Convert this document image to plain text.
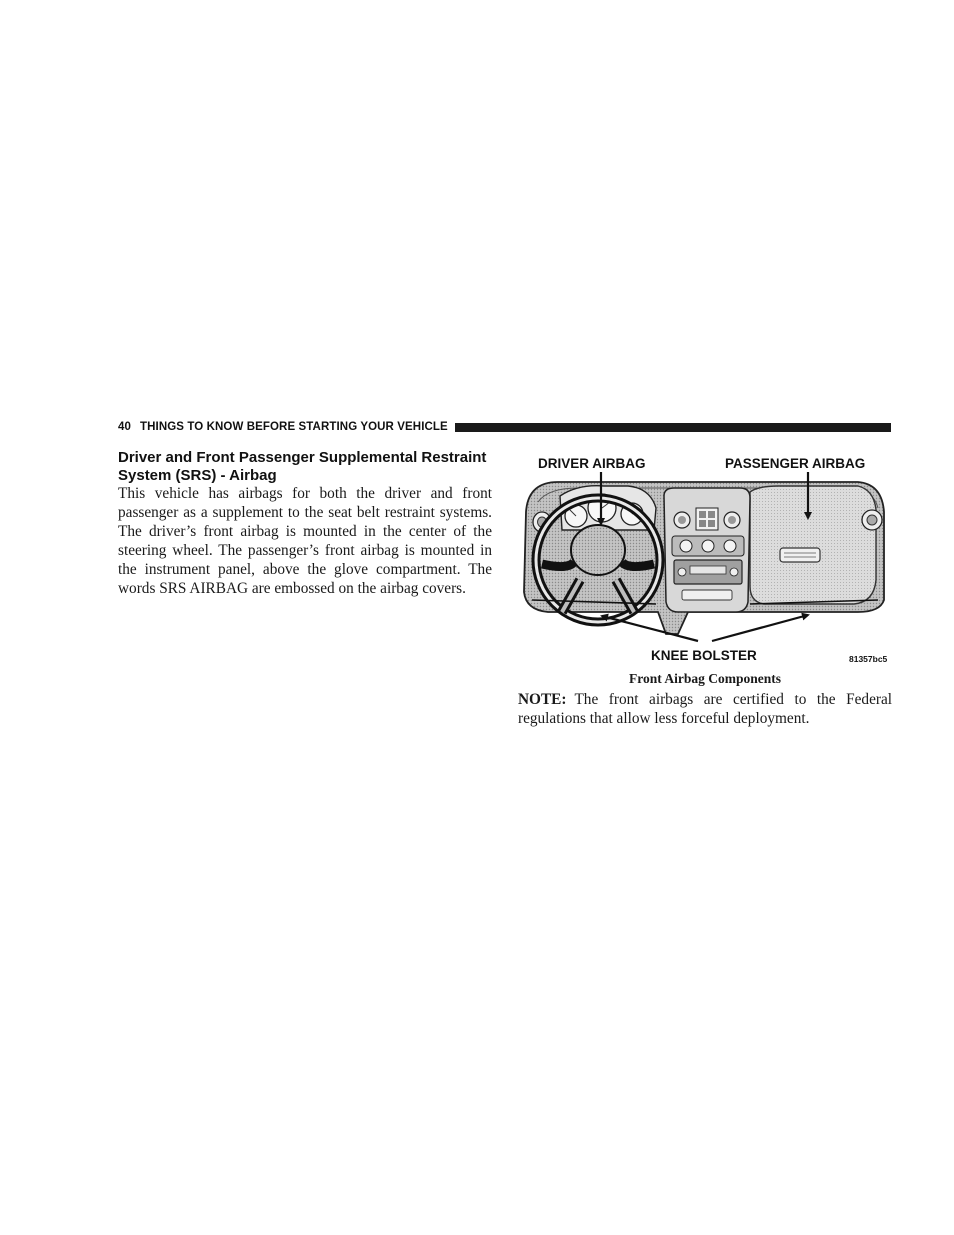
40 THINGS TO KNOW BEFORE STARTING YOUR VEHICLE
Driver and Front Passenger Supplemental Restraint System (SRS) - Airbag

This vehicle has airbags for both the driver and front passenger as a supplement to the seat belt restraint systems. The driver’s front airbag is mounted in the center of the steering wheel. The passenger’s front airbag is mounted in the instrument panel, above the glove compartment. The words SRS AIRBAG are embossed on the airbag covers.

DRIVER AIRBAG	PASSENGER AIRBAG
KNEE BOLSTER	81357bc5

Front Airbag Components

NOTE: The front airbags are certified to the Federal regulations that allow less forceful deployment.
